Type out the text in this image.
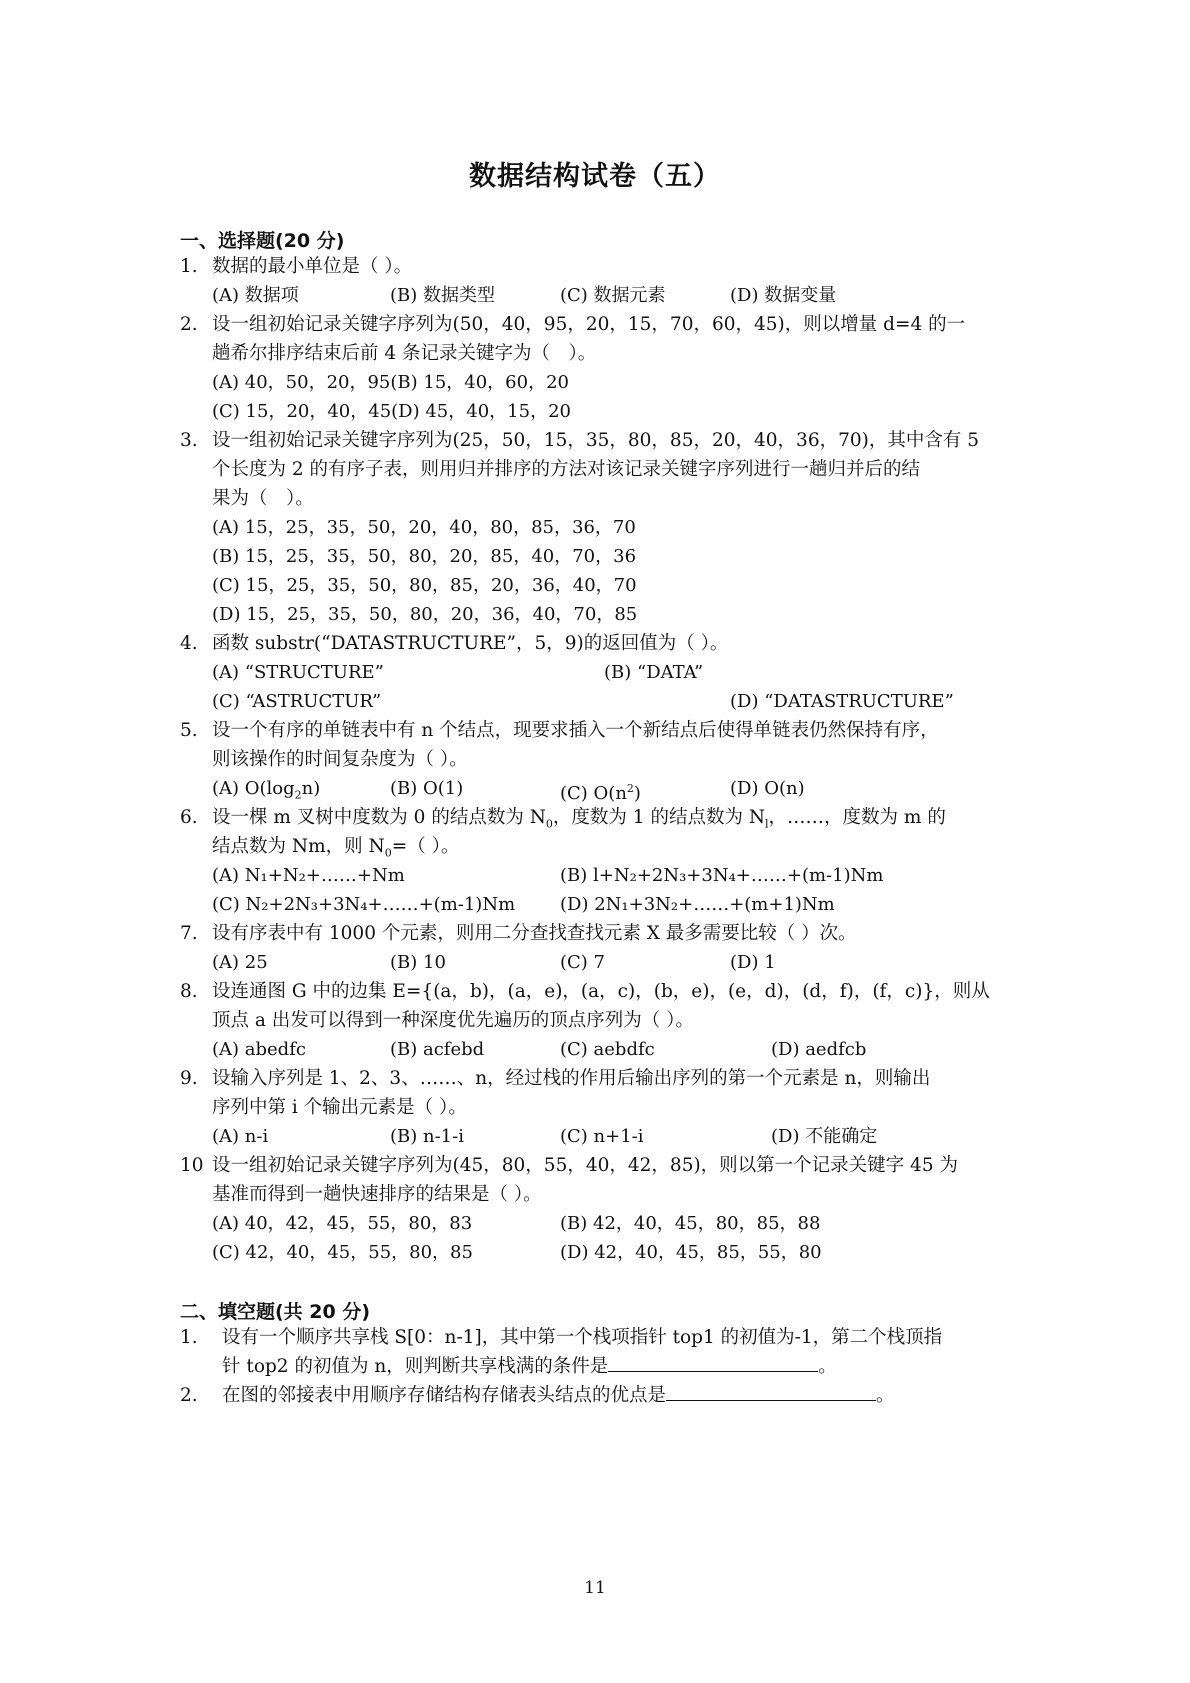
数据结构试卷（五）
一、选择题(20 分)
1. 数据的最小单位是（ ）。
(A) 数据项	(B) 数据类型	(C) 数据元素	(D) 数据变量
2. 设一组初始记录关键字序列为(50，40，95，20，15，70，60，45)，则以增量 d=4 的一
趟希尔排序结束后前 4 条记录关键字为（　）。
(A) 40，50，20，95(B) 15，40，60，20
(C) 15，20，40，45(D) 45，40，15，20
3. 设一组初始记录关键字序列为(25，50，15，35，80，85，20，40，36，70)，其中含有 5
个长度为 2 的有序子表，则用归并排序的方法对该记录关键字序列进行一趟归并后的结
果为（　）。
(A) 15，25，35，50，20，40，80，85，36，70
(B) 15，25，35，50，80，20，85，40，70，36
(C) 15，25，35，50，80，85，20，36，40，70
(D) 15，25，35，50，80，20，36，40，70，85
4. 函数 substr(“DATASTRUCTURE”，5，9)的返回值为（ ）。
(A) “STRUCTURE”	(B) “DATA”
(C) “ASTRUCTUR”	(D) “DATASTRUCTURE”
5. 设一个有序的单链表中有 n 个结点，现要求插入一个新结点后使得单链表仍然保持有序，
则该操作的时间复杂度为（ ）。
(A) $O(\log_2n)$	(B) O(1)	(C) $O(n^2)$	(D) O(n)
6. 设一棵 m 叉树中度数为 0 的结点数为 $N_0$，度数为 1 的结点数为 $N_l$，……，度数为 m 的
结点数为 Nm，则 $N_0=$（ ）。
(A) N₁+N₂+……+Nm	(B) l+N₂+2N₃+3N₄+……+(m-1)Nm
(C) N₂+2N₃+3N₄+……+(m-1)Nm (D) 2N₁+3N₂+……+(m+1)Nm
7. 设有序表中有 1000 个元素，则用二分查找查找元素 X 最多需要比较（ ）次。
(A) 25	(B) 10	(C) 7	(D) 1
8. 设连通图 G 中的边集 E={(a，b)，(a，e)，(a，c)，(b，e)，(e，d)，(d，f)，(f，c)}，则从
顶点 a 出发可以得到一种深度优先遍历的顶点序列为（ ）。
(A) abedfc	(B) acfebd	(C) aebdfc	(D) aedfcb
9. 设输入序列是 1、2、3、……、n，经过栈的作用后输出序列的第一个元素是 n，则输出
序列中第 i 个输出元素是（ ）。
(A) n-i	(B) n-1-i	(C) n+1-i	(D) 不能确定
10 设一组初始记录关键字序列为(45，80，55，40，42，85)，则以第一个记录关键字 45 为
基准而得到一趟快速排序的结果是（ ）。
(A) 40，42，45，55，80，83	(B) 42，40，45，80，85，88
(C) 42，40，45，55，80，85	(D) 42，40，45，85，55，80
二、填空题(共 20 分)
1. 设有一个顺序共享栈 S[0：n-1]，其中第一个栈项指针 top1 的初值为-1，第二个栈顶指
针 top2 的初值为 n，则判断共享栈满的条件是	。
2. 在图的邻接表中用顺序存储结构存储表头结点的优点是	。
11
